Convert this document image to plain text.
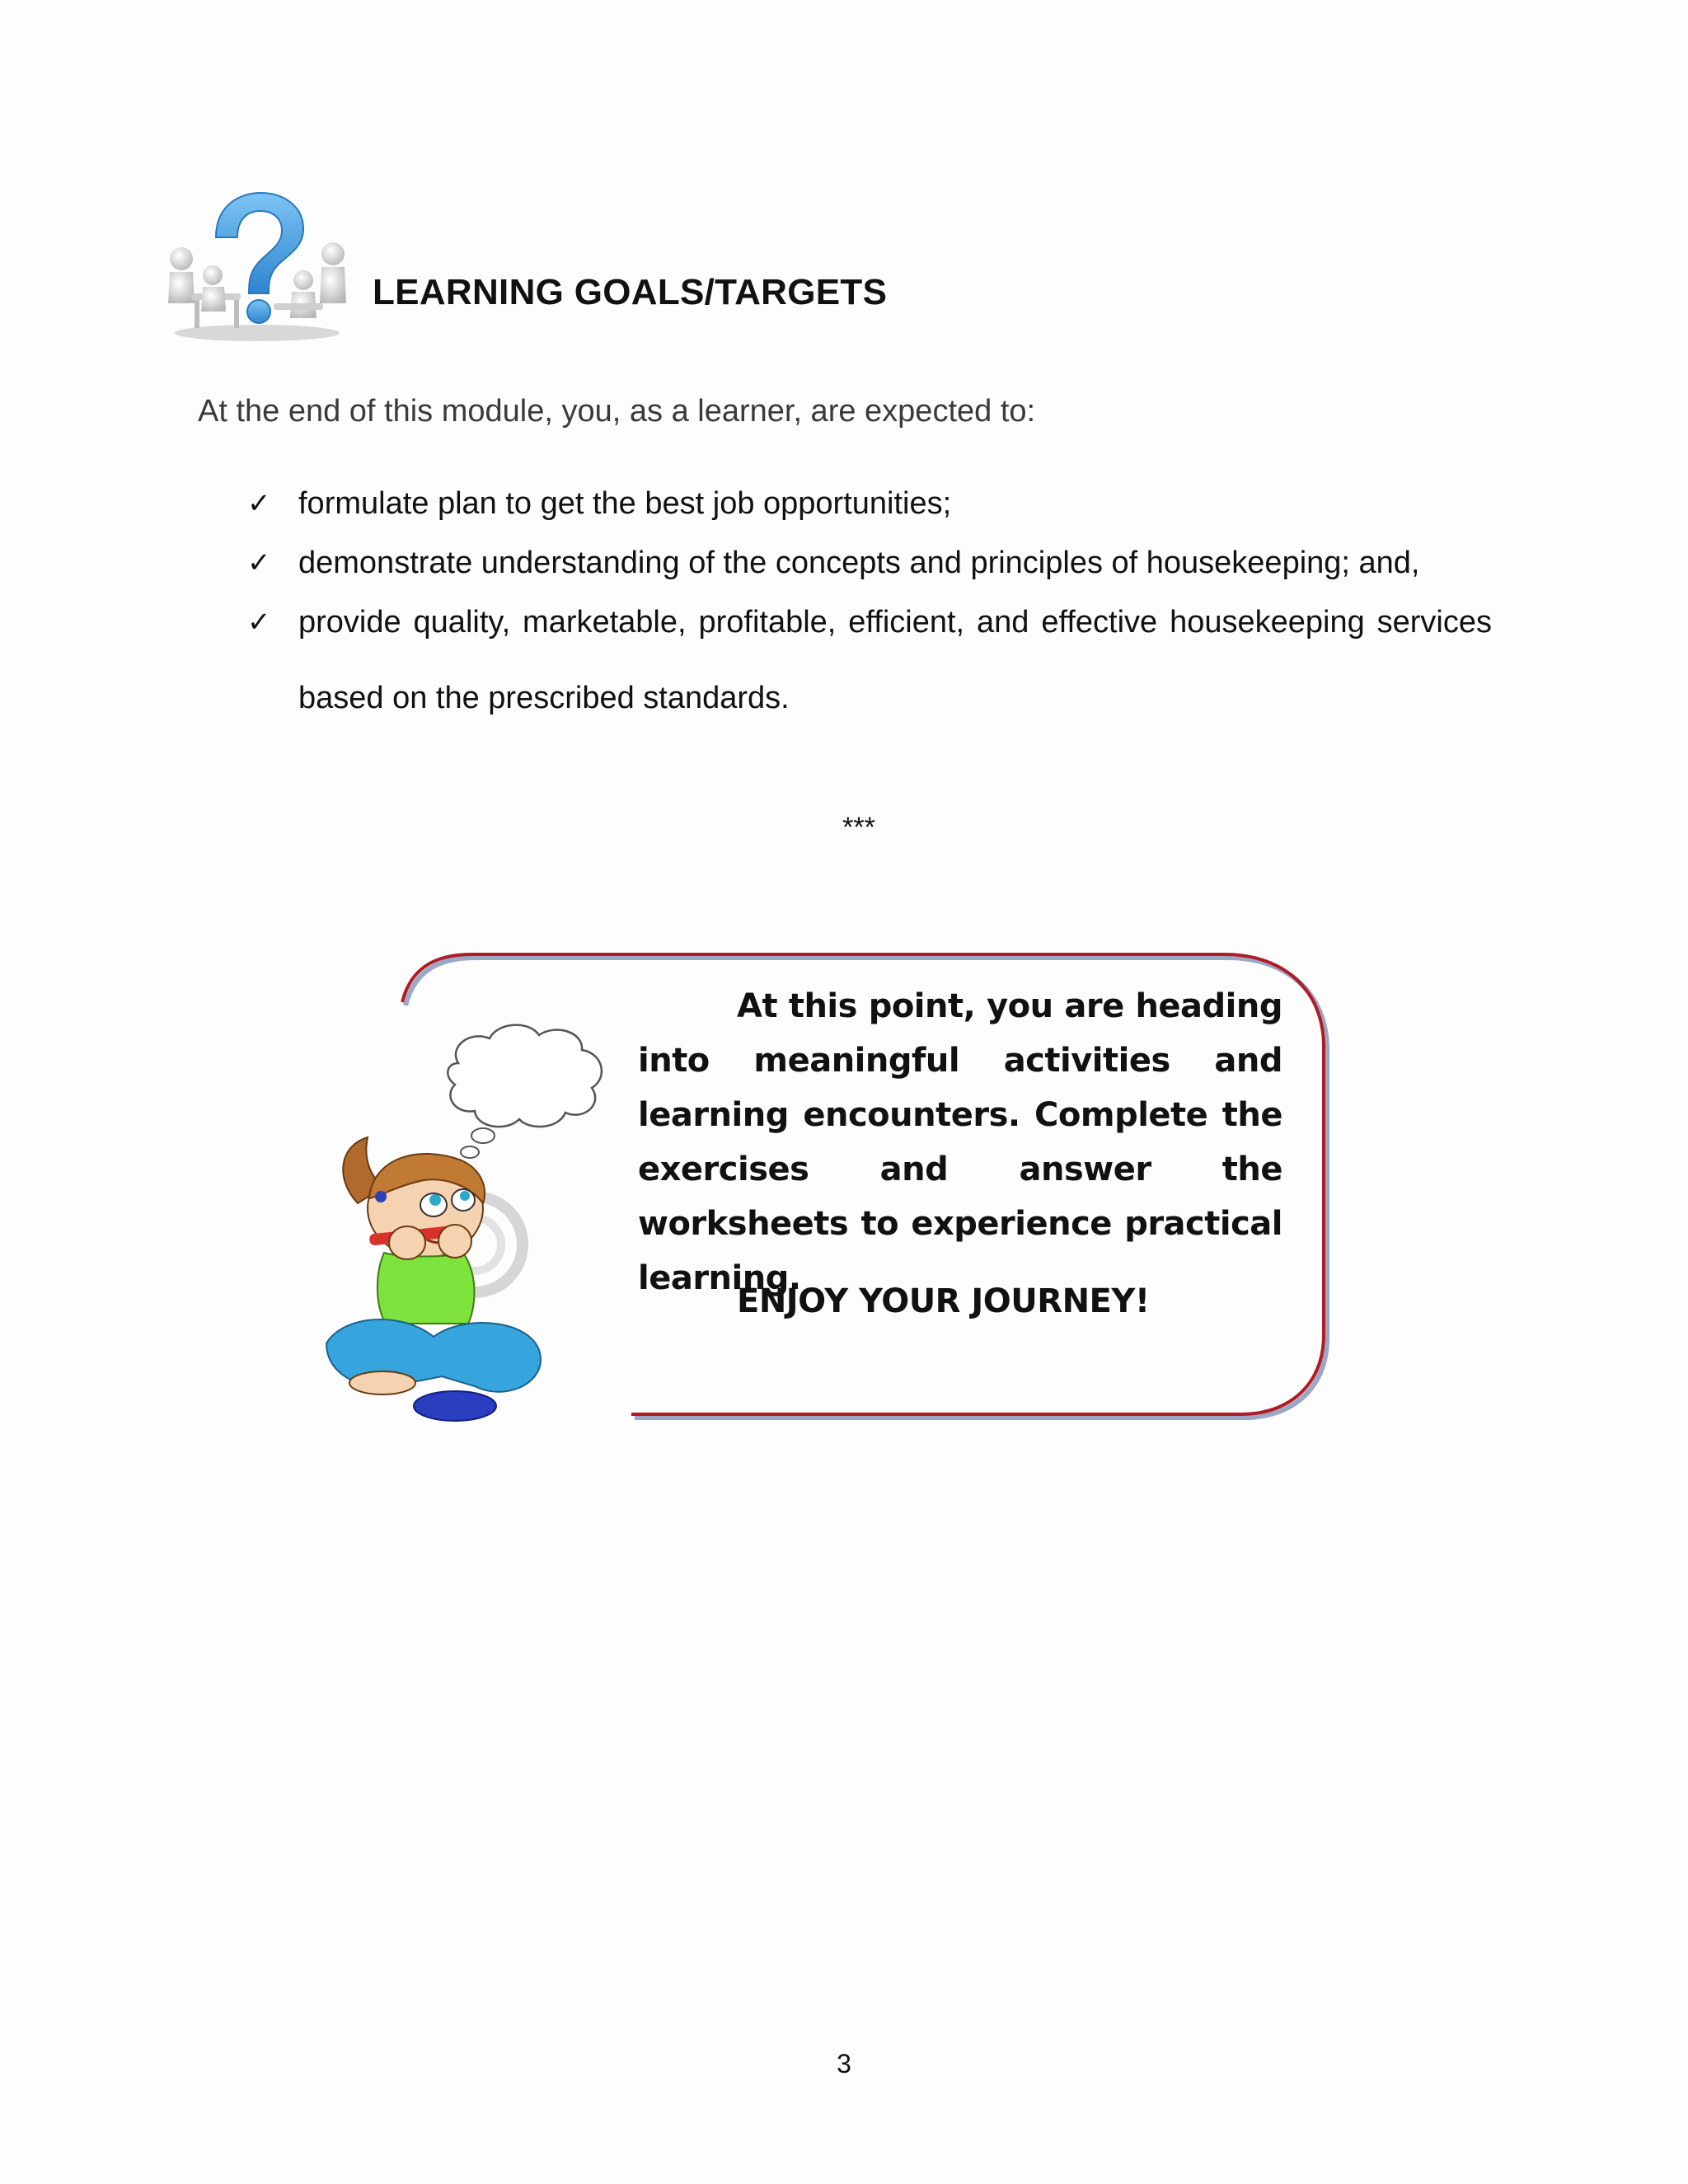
LEARNING GOALS/TARGETS
At the end of this module, you, as a learner, are expected to:
✓ formulate plan to get the best job opportunities;
✓ demonstrate understanding of the concepts and principles of housekeeping; and,
✓ provide quality, marketable, profitable, efficient, and effective housekeeping services based on the prescribed standards.
***
At this point, you are heading into meaningful activities and learning encounters. Complete the exercises and answer the worksheets to experience practical learning.
ENJOY YOUR JOURNEY!
3
